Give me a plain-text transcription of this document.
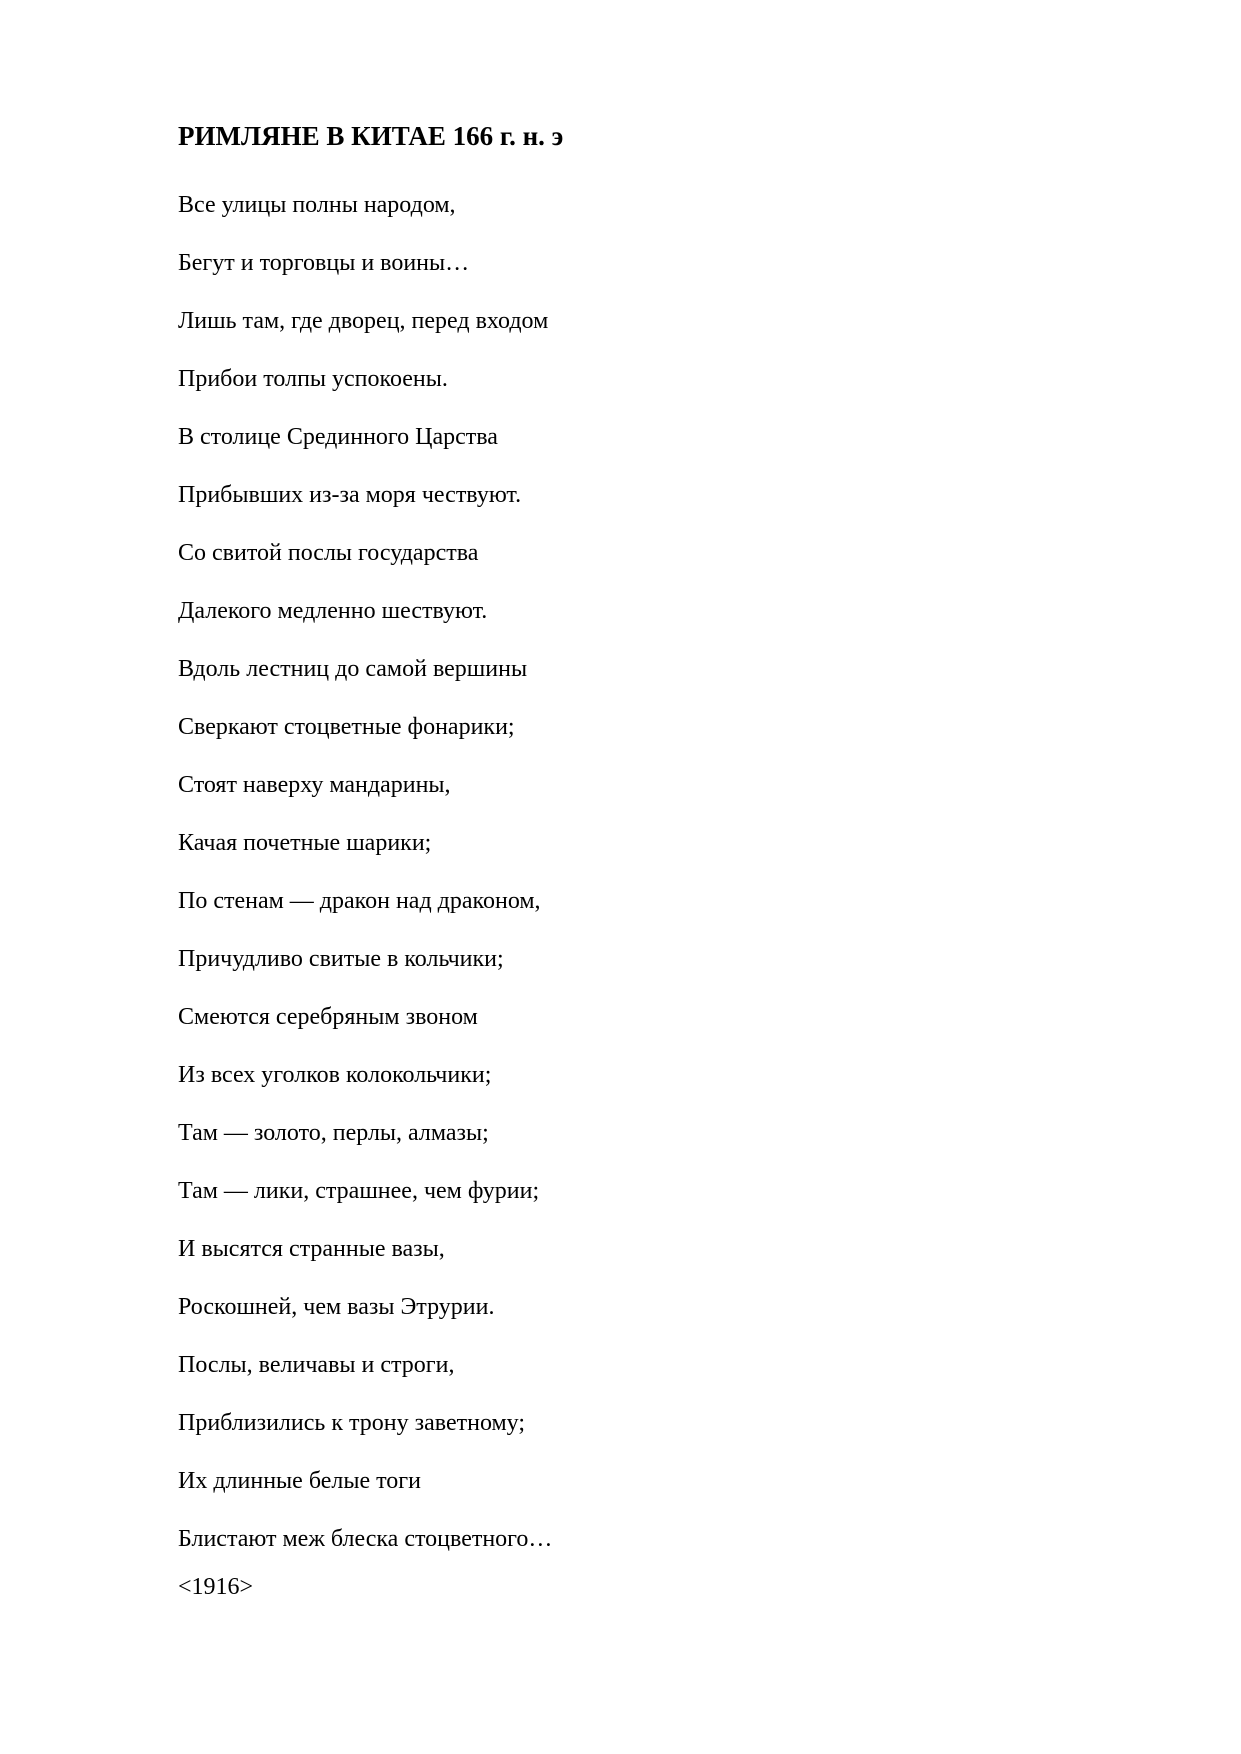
РИМЛЯНЕ В КИТАЕ 166 г. н. э
Все улицы полны народом,
Бегут и торговцы и воины…
Лишь там, где дворец, перед входом
Прибои толпы успокоены.
В столице Срединного Царства
Прибывших из-за моря чествуют.
Со свитой послы государства
Далекого медленно шествуют.
Вдоль лестниц до самой вершины
Сверкают стоцветные фонарики;
Стоят наверху мандарины,
Качая почетные шарики;
По стенам — дракон над драконом,
Причудливо свитые в кольчики;
Смеются серебряным звоном
Из всех уголков колокольчики;
Там — золото, перлы, алмазы;
Там — лики, страшнее, чем фурии;
И высятся странные вазы,
Роскошней, чем вазы Этрурии.
Послы, величавы и строги,
Приблизились к трону заветному;
Их длинные белые тоги
Блистают меж блеска стоцветного…

<1916>
